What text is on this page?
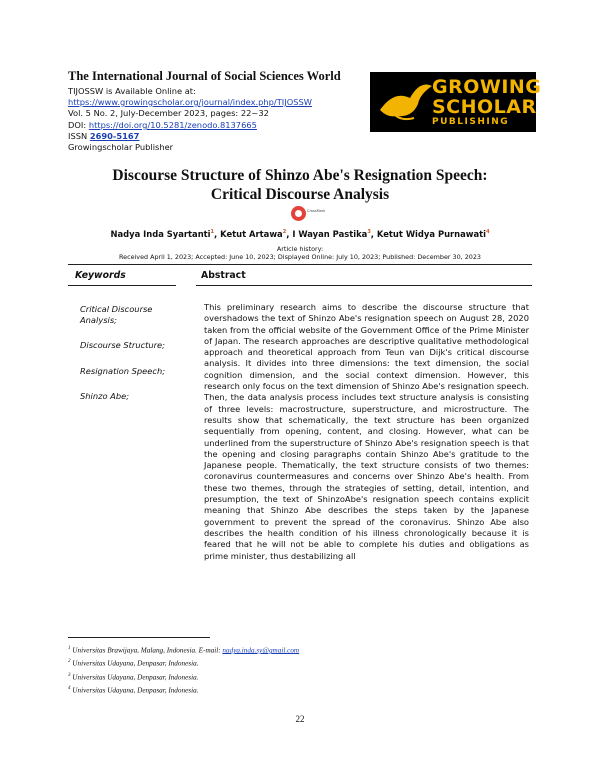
The International Journal of Social Sciences World
TIJOSSW is Available Online at:
https://www.growingscholar.org/journal/index.php/TIJOSSW
Vol. 5 No. 2, July-December 2023, pages: 22~32
DOI: https://doi.org/10.5281/zenodo.8137665
ISSN 2690-5167
Growingscholar Publisher
GROWING
SCHOLAR
PUBLISHING
Discourse Structure of Shinzo Abe's Resignation Speech:
Critical Discourse Analysis
CrossMark
Nadya Inda Syartanti$^1$, Ketut Artawa$^2$, I Wayan Pastika$^3$, Ketut Widya Purnawati$^4$
Article history:
Received April 1, 2023; Accepted: June 10, 2023; Displayed Online: July 10, 2023; Published: December 30, 2023
Keywords
Critical Discourse
Analysis;
Discourse Structure;
Resignation Speech;
Shinzo Abe;
Abstract
This preliminary research aims to describe the discourse structure that overshadows the text of Shinzo Abe's resignation speech on August 28, 2020 taken from the official website of the Government Office of the Prime Minister of Japan. The research approaches are descriptive qualitative methodological approach and theoretical approach from Teun van Dijk's critical discourse analysis. It divides into three dimensions: the text dimension, the social cognition dimension, and the social context dimension. However, this research only focus on the text dimension of Shinzo Abe's resignation speech. Then, the data analysis process includes text structure analysis is consisting of three levels: macrostructure, superstructure, and microstructure. The results show that schematically, the text structure has been organized sequentially from opening, content, and closing. However, what can be underlined from the superstructure of Shinzo Abe's resignation speech is that the opening and closing paragraphs contain Shinzo Abe's gratitude to the Japanese people. Thematically, the text structure consists of two themes: coronavirus countermeasures and concerns over Shinzo Abe's health. From these two themes, through the strategies of setting, detail, intention, and presumption, the text of ShinzoAbe's resignation speech contains explicit meaning that Shinzo Abe describes the steps taken by the Japanese government to prevent the spread of the coronavirus. Shinzo Abe also describes the health condition of his illness chronologically because it is feared that he will not be able to complete his duties and obligations as prime minister, thus destabilizing all
$^1$ Universitas Brawijaya, Malang, Indonesia. E-mail: nadya.inda.sy@gmail.com
$^2$ Universitas Udayana, Denpasar, Indonesia.
$^3$ Universitas Udayana, Denpasar, Indonesia.
$^4$ Universitas Udayana, Denpasar, Indonesia.
22
